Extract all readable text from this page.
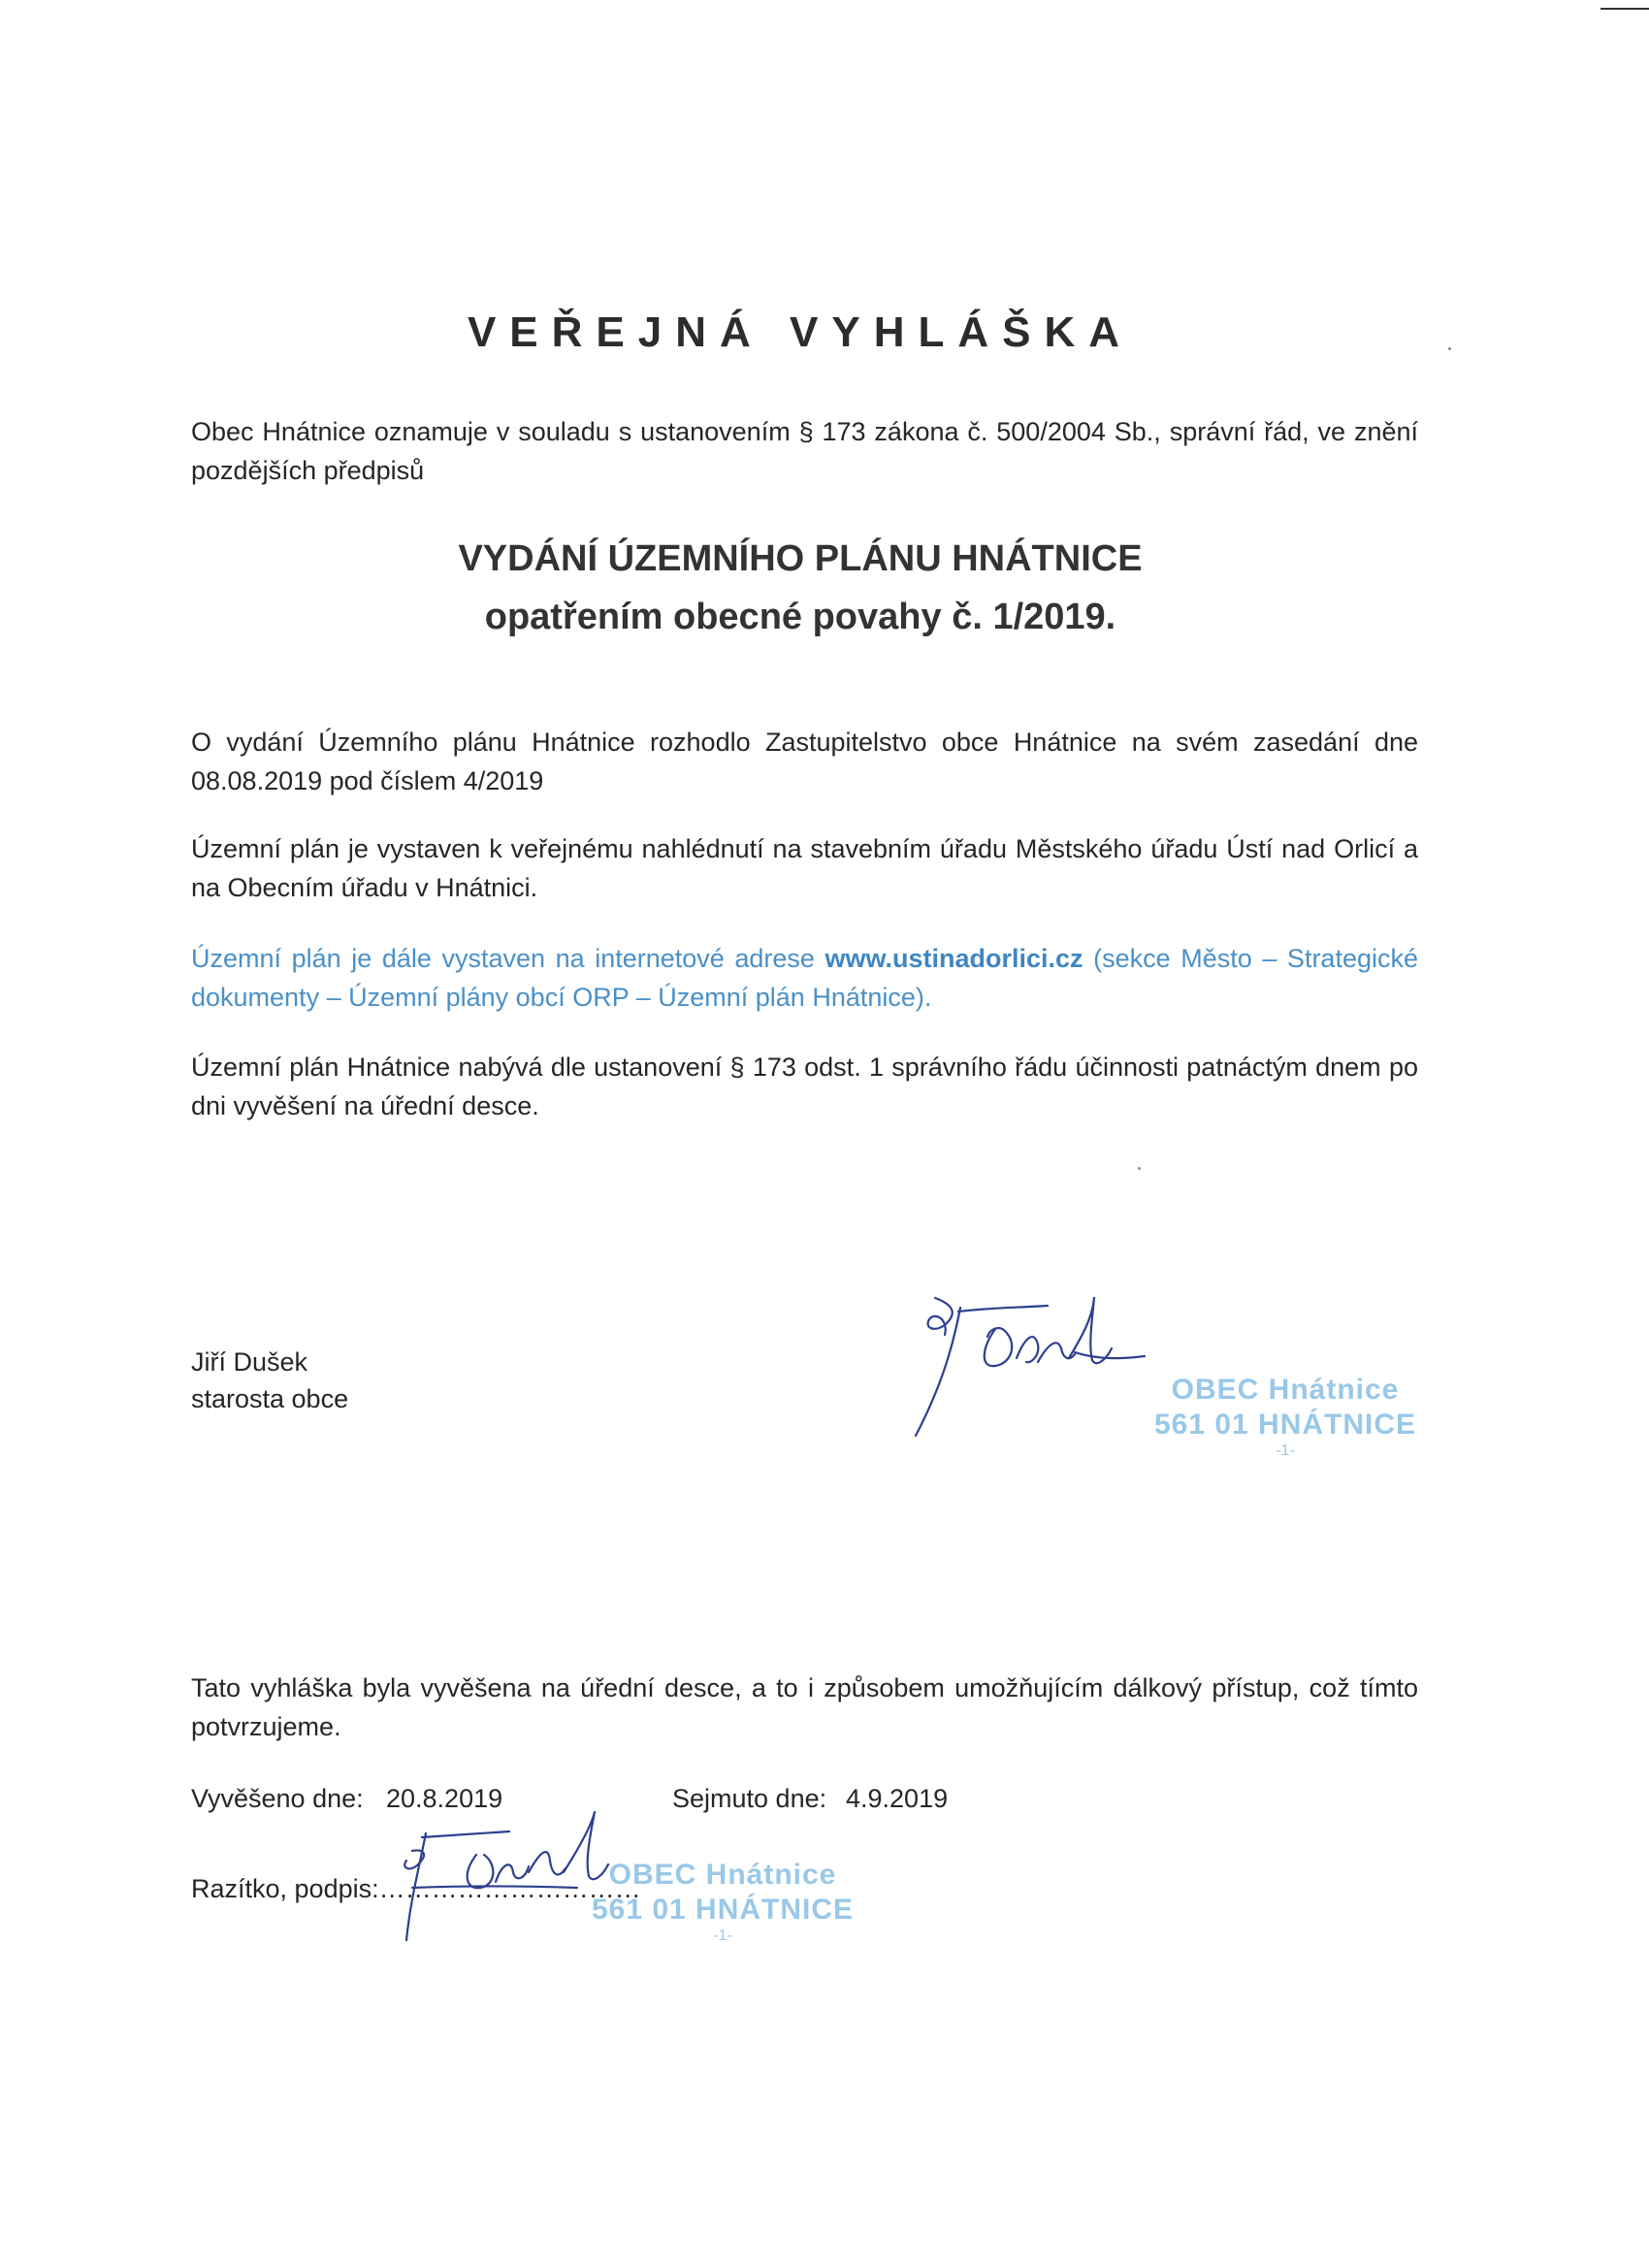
VEŘEJNÁ VYHLÁŠKA
Obec Hnátnice oznamuje v souladu s ustanovením § 173 zákona č. 500/2004 Sb., správní řád, ve znění pozdějších předpisů
VYDÁNÍ ÚZEMNÍHO PLÁNU HNÁTNICE
opatřením obecné povahy č. 1/2019.
O vydání Územního plánu Hnátnice rozhodlo Zastupitelstvo obce Hnátnice na svém zasedání dne 08.08.2019 pod číslem 4/2019
Územní plán je vystaven k veřejnému nahlédnutí na stavebním úřadu Městského úřadu Ústí nad Orlicí a na Obecním úřadu v Hnátnici.
Územní plán je dále vystaven na internetové adrese www.ustinadorlici.cz (sekce Město – Strategické dokumenty – Územní plány obcí ORP – Územní plán Hnátnice).
Územní plán Hnátnice nabývá dle ustanovení § 173 odst. 1 správního řádu účinnosti patnáctým dnem po dni vyvěšení na úřední desce.
Jiří Dušek
starosta obce	OBEC Hnátnice
561 01 HNÁTNICE
-1-
Tato vyhláška byla vyvěšena na úřední desce, a to i způsobem umožňujícím dálkový přístup, což tímto potvrzujeme.
Vyvěšeno dne: 20.8.2019	Sejmuto dne: 4.9.2019
Razítko, podpis:…………………………
OBEC Hnátnice
561 01 HNÁTNICE
-1-
